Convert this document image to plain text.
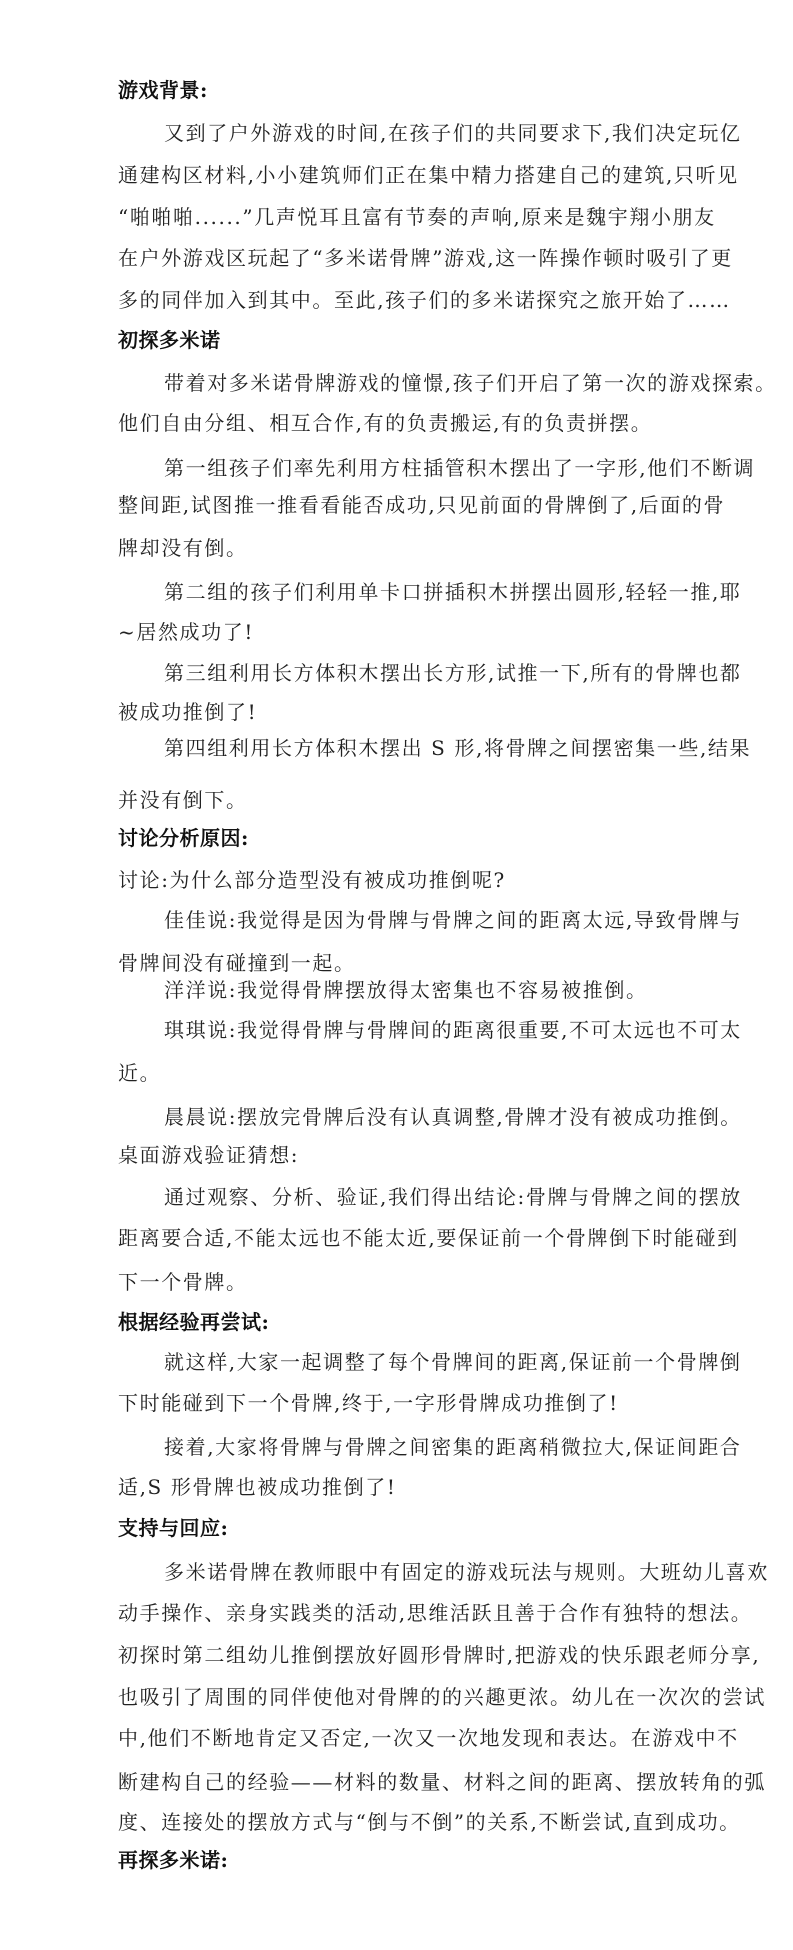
游戏背景:
又到了户外游戏的时间,在孩子们的共同要求下,我们决定玩亿
通建构区材料,小小建筑师们正在集中精力搭建自己的建筑,只听见
“啪啪啪......”几声悦耳且富有节奏的声响,原来是魏宇翔小朋友
在户外游戏区玩起了“多米诺骨牌”游戏,这一阵操作顿时吸引了更
多的同伴加入到其中。至此,孩子们的多米诺探究之旅开始了……
初探多米诺
带着对多米诺骨牌游戏的憧憬,孩子们开启了第一次的游戏探索。
他们自由分组、相互合作,有的负责搬运,有的负责拼摆。
第一组孩子们率先利用方柱插管积木摆出了一字形,他们不断调
整间距,试图推一推看看能否成功,只见前面的骨牌倒了,后面的骨
牌却没有倒。
第二组的孩子们利用单卡口拼插积木拼摆出圆形,轻轻一推,耶
~居然成功了!
第三组利用长方体积木摆出长方形,试推一下,所有的骨牌也都
被成功推倒了!
第四组利用长方体积木摆出 S 形,将骨牌之间摆密集一些,结果
并没有倒下。
讨论分析原因:
讨论:为什么部分造型没有被成功推倒呢?
佳佳说:我觉得是因为骨牌与骨牌之间的距离太远,导致骨牌与
骨牌间没有碰撞到一起。
洋洋说:我觉得骨牌摆放得太密集也不容易被推倒。
琪琪说:我觉得骨牌与骨牌间的距离很重要,不可太远也不可太
近。
晨晨说:摆放完骨牌后没有认真调整,骨牌才没有被成功推倒。
桌面游戏验证猜想:
通过观察、分析、验证,我们得出结论:骨牌与骨牌之间的摆放
距离要合适,不能太远也不能太近,要保证前一个骨牌倒下时能碰到
下一个骨牌。
根据经验再尝试:
就这样,大家一起调整了每个骨牌间的距离,保证前一个骨牌倒
下时能碰到下一个骨牌,终于,一字形骨牌成功推倒了!
接着,大家将骨牌与骨牌之间密集的距离稍微拉大,保证间距合
适,S 形骨牌也被成功推倒了!
支持与回应:
多米诺骨牌在教师眼中有固定的游戏玩法与规则。大班幼儿喜欢
动手操作、亲身实践类的活动,思维活跃且善于合作有独特的想法。
初探时第二组幼儿推倒摆放好圆形骨牌时,把游戏的快乐跟老师分享,
也吸引了周围的同伴使他对骨牌的的兴趣更浓。幼儿在一次次的尝试
中,他们不断地肯定又否定,一次又一次地发现和表达。在游戏中不
断建构自己的经验——材料的数量、材料之间的距离、摆放转角的弧
度、连接处的摆放方式与“倒与不倒”的关系,不断尝试,直到成功。
再探多米诺:
